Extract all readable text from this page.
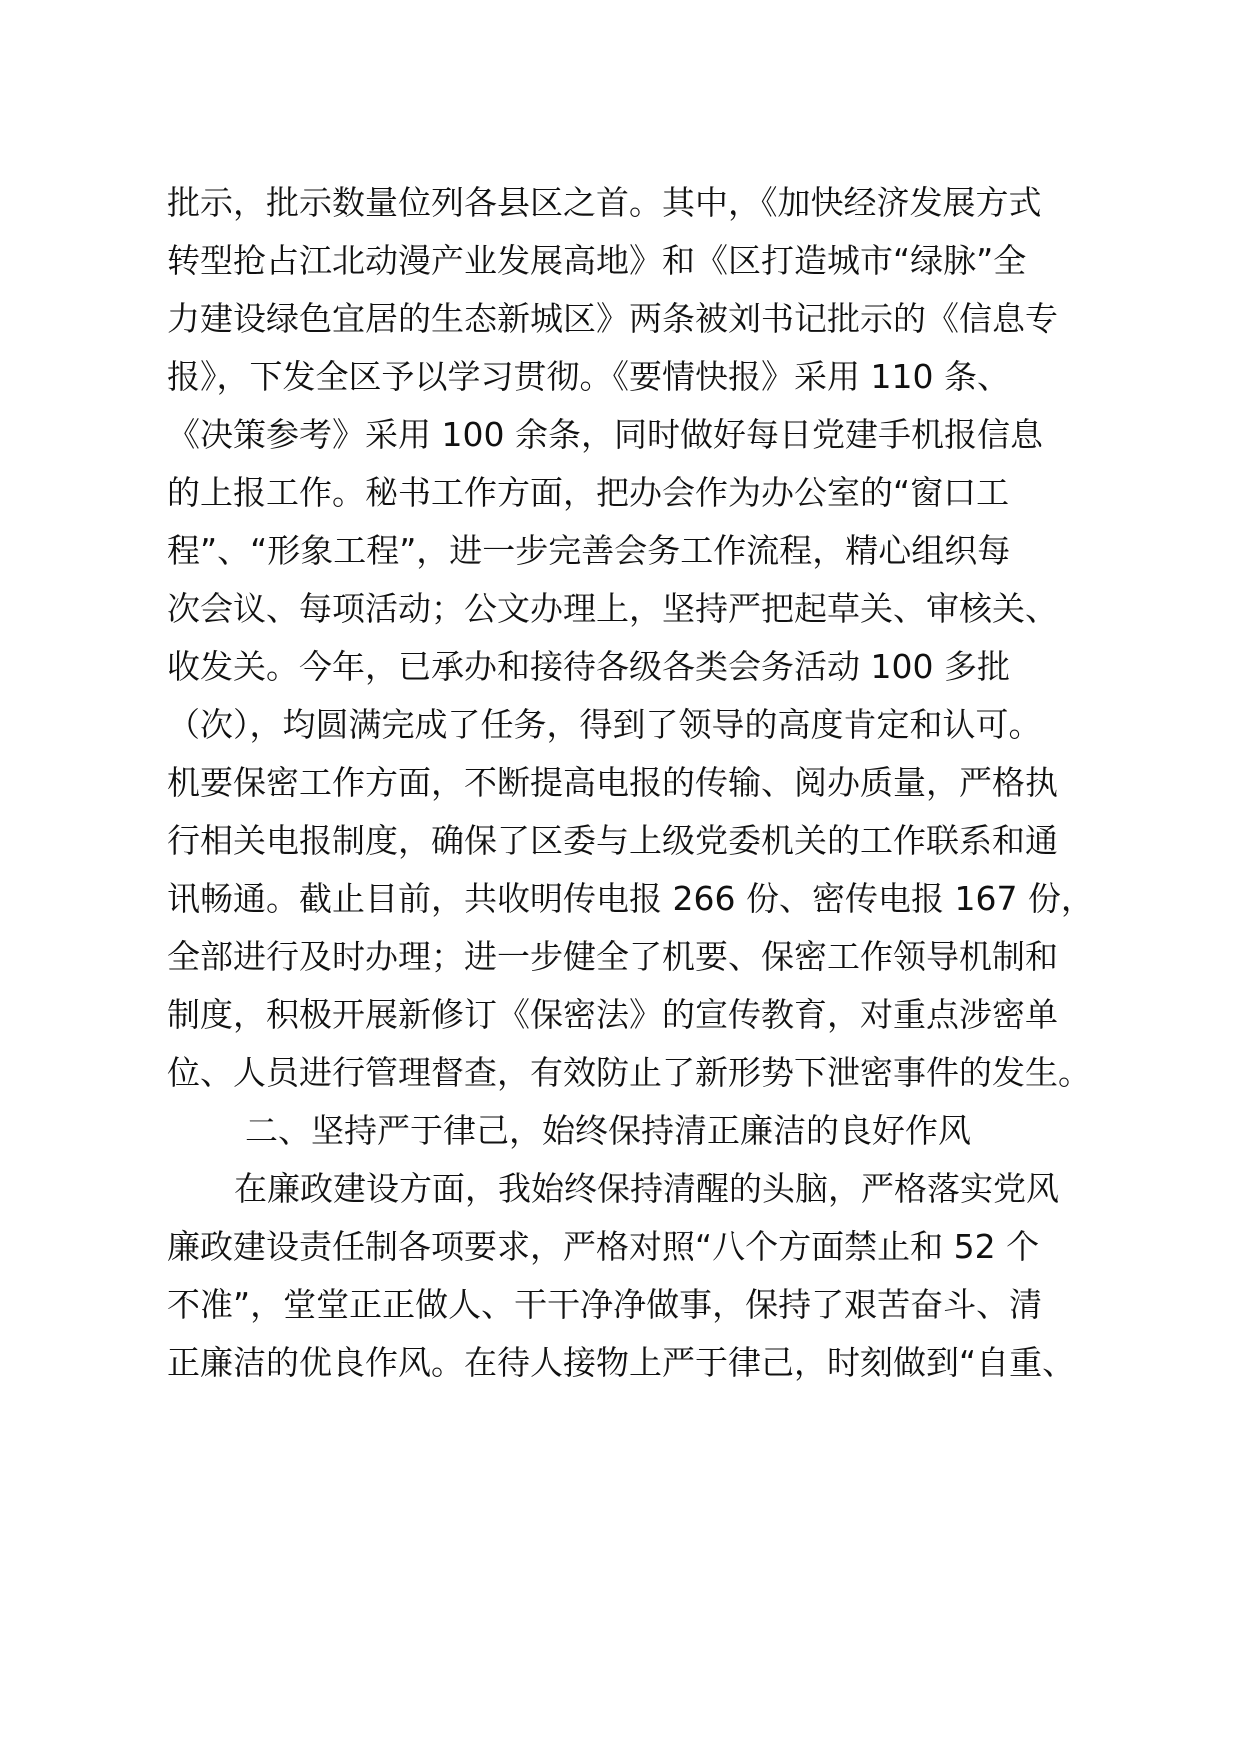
批示，批示数量位列各县区之首。其中，《加快经济发展方式
转型抢占江北动漫产业发展高地》和《区打造城市“绿脉”全
力建设绿色宜居的生态新城区》两条被刘书记批示的《信息专
报》，下发全区予以学习贯彻。《要情快报》采用 110 条、
《决策参考》采用 100 余条，同时做好每日党建手机报信息
的上报工作。秘书工作方面，把办会作为办公室的“窗口工
程”、“形象工程”，进一步完善会务工作流程，精心组织每
次会议、每项活动；公文办理上，坚持严把起草关、审核关、
收发关。今年，已承办和接待各级各类会务活动 100 多批
（次），均圆满完成了任务，得到了领导的高度肯定和认可。
机要保密工作方面，不断提高电报的传输、阅办质量，严格执
行相关电报制度，确保了区委与上级党委机关的工作联系和通
讯畅通。截止目前，共收明传电报 266 份、密传电报 167 份，
全部进行及时办理；进一步健全了机要、保密工作领导机制和
制度，积极开展新修订《保密法》的宣传教育，对重点涉密单
位、人员进行管理督查，有效防止了新形势下泄密事件的发生。
二、坚持严于律己，始终保持清正廉洁的良好作风
在廉政建设方面，我始终保持清醒的头脑，严格落实党风
廉政建设责任制各项要求，严格对照“八个方面禁止和 52 个
不准”，堂堂正正做人、干干净净做事，保持了艰苦奋斗、清
正廉洁的优良作风。在待人接物上严于律己，时刻做到“自重、
